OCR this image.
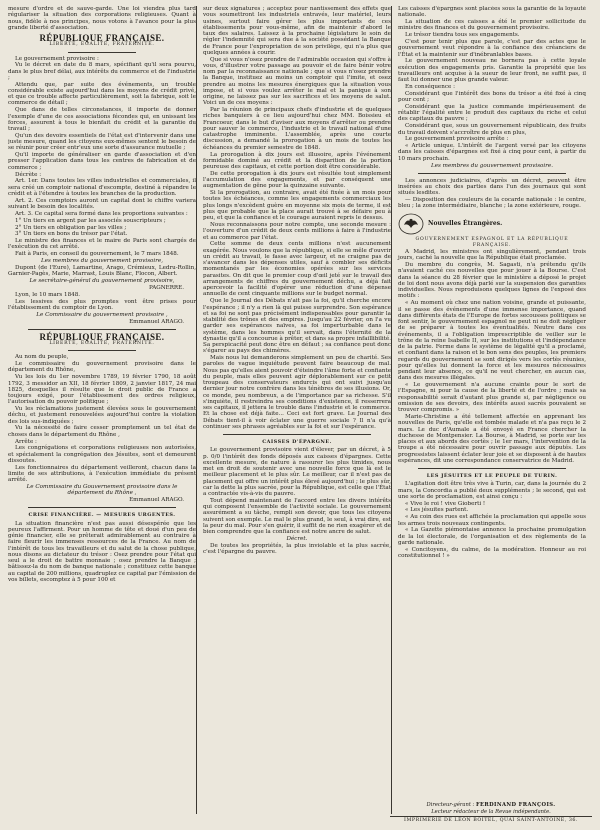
mesure d'ordre et de sauve-garde. Une loi viendra plus tard régulariser la situation des corporations religieuses. Quant à nous, fidèle à nos principes, nous votons à l'avance pour la plus grande liberté d'association.

RÉPUBLIQUE FRANÇAISE.
LIBERTÉ, ÉGALITÉ, FRATERNITÉ.

Le gouvernement provisoire :

Vu le décret en date du 8 mars, spécifiant qu'il sera pourvu, dans le plus bref délai, aux intérêts du commerce et de l'industrie ;

Attendu que, par suite des événements, un trouble considérable existe aujourd'hui dans les moyens de crédit privé, et que ce trouble affecte particulièrement, soit la fabrique, soit le commerce de détail ;

Que dans de telles circonstances, il importe de donner l'exemple d'une de ces associations fécondes qui, en unissant les forces, assurent à tous le bienfait du crédit et la garantie du travail ;

Qu'un des devoirs essentiels de l'état est d'intervenir dans une juste mesure, quand les citoyens eux-mêmes sentent le besoin de se réunir pour créer entr'eux une sorte d'assurance mutuelle ;

Qu'il importe de généraliser en garde d'association et d'en presser l'application dans tous les centres de fabrication et de commerce ;

Décrète :

Art. 1er. Dans toutes les villes industrielles et commerciales, il sera créé un comptoir national d'escompte, destiné à répandre le crédit et à l'étendre à toutes les branches de la production.

Art. 2. Ces comptoirs auront un capital dont le chiffre variera suivant le besoin des localités.

Art. 3. Ce capital sera formé dans les proportions suivantes :

1° Un tiers en argent par les associés souscripteurs ;

2° Un tiers en obligation par les villes ;

3° Un tiers en bons du trésor par l'état.

Le ministre des finances et le maire de Paris sont chargés de l'exécution du cet arrêté.

Fait à Paris, en conseil du gouvernement, le 7 mars 1848.

Les membres du gouvernement provisoire,

Dupont (de l'Eure), Lamartine, Arago, Crémieux, Ledru-Rollin, Garnier-Pagès, Marie, Marrast, Louis Blanc, Flocon, Albert.

Le secrétaire-général du gouvernement provisoire,

PAGNERRE.

Lyon, le 10 mars 1848.

Les lessives des plus promptes vont être prises pour l'établissement du comptoir de Lyon.

Le Commissaire du gouvernement provisoire ,

Emmanuel ARAGO.

RÉPUBLIQUE FRANÇAISE.
LIBERTÉ, ÉGALITÉ, FRATERNITÉ.

Au nom du peuple,

Le commissaire du gouvernement provisoire dans le département du Rhône,

Vu les lois du 1er novembre 1789, 19 février 1790, 18 août 1792, 3 messidor an XII, 18 février 1809, 2 janvier 1817, 24 mai 1825, desquelles il résulte que le droit public de France a toujours exigé, pour l'établissement des ordres religieux, l'autorisation du pouvoir politique ;

Vu les réclamations justement élevées sous le gouvernement déchu, et justement renouvelées aujourd'hui contre la violation des lois sus-indiquées ;

Vu la nécessité de faire cesser promptement un tel état de choses dans le département du Rhône ,

Arrête :

Les congrégations et corporations religieuses non autorisées, et spécialement la congrégation des Jésuites, sont et demeurent dissoutes.

Les fonctionnaires du département veilleront, chacun dans la limite de ses attributions, à l'exécution immédiate du présent arrêté.

Le Commissaire du Gouvernement provisoire dans le département du Rhône ,

Emmanuel ARAGO.

CRISE FINANCIÈRE. — MESURES URGENTES.

La situation financière n'est pas aussi désespérée que les peureux l'affirment. Pour un homme de tête et doué d'un peu de génie financier, elle se prêterait admirablement au contraire à faire fleurir les immenses ressources de la France. Au nom de l'intérêt de tous les travailleurs et du salut de la chose publique, nous disons au dictateur du trésor : Osez prendre pour l'état qui seul a le droit de battre monnaie ; osez prendre la Banque ; bâtissez-la du nom de banque nationale ; constituez cette banque au capital de 200 millions, quadruplez ce capital par l'émission de vos billets, escomptez à 5 pour 100 et

sur deux signatures ; acceptez pour nantissement des effets que vous soumettront les industriels entravés, leur matériel, leurs usines, surtout faire gérer les plus importants de ces établissements pour vous-même, afin de maintenir d'abord le taux des salaires. Laissez à la prochaine législature le soin de régler l'indemnité qui sera due à la société possédant la Banque de France pour l'expropriation de son privilège, qui n'a plus que quelques années à courir.

Que si vous n'osez prendre de l'admirable occasion qui s'offre à vous, d'illustrer votre passage au pouvoir et de faire bénir votre nom par la reconnaissance nationale ; que si vous n'osez prendre la Banque, instituez au moins un comptoir qui l'imite, et osez prendre au moins les mesures énergiques que la situation vous impose, et si vous voulez arrêter le mal et la panique à son origine, ne laissez pas sur les sacrifices et les moyens de salut. Voici un de ces moyens :

Par la réunion de principaux chefs d'industrie et de quelques riches banquiers à ce lieu aujourd'hui chez MM. Boissieu et Francoeur, dans le but d'aviser aux moyens d'arrêter ou prendre pour sauver le commerce, l'industrie et le travail national d'une catastrophe imminente. L'assemblée, après une courte discussion, a demandé la prorogation à un mois de toutes les échéances du premier semestre de 1848.

La prorogation à dix jours est illusoire, après l'événement formidable dominé au crédit et la disparition de la portion peureuse des capitaux, et cette portion doit être considérable.

De cette prorogation à dix jours est résultée tout simplement l'accumulation des engagements, et par conséquent une augmentation de gêne pour la quinzaine suivante.

Si la prorogation, au contraire, avait été fixée à un mois pour toutes les échéances, comme les engagements commerciaux les plus longs n'excèdent guère en moyenne six mois de terme, il est plus que probable que la place aurait trouvé à se défaire peu à peu, et que la confiance et le courage auraient repris le dessus.

Nous reconnaissons pour notre compte, une seconde mesure : l'ouverture d'un crédit de deux cents millions à faire à l'industrie et au commerce par l'état.

Cette somme de deux cents millions n'est aucunement exagérée. Nous voulons que la république, si elle se mêle d'ouvrir un crédit au travail, le fasse avec largeur, et ne craigne pas de s'avancer dans les dépenses utiles, sauf à combler ses déficits momentanés par les économies opérées sur les services parasites. On dit que le premier coup d'œil jeté sur le travail des arrangements de chiffres du gouvernement déchu, a déjà fait apercevoir la facilité d'opérer une réduction d'une dépense annuelle de cent cinquante millions sur le budget normal.

Que le Journal des Débats n'ait pas la foi, qu'il cherche encore l'espérance ; il n'y a rien là qui puisse surprendre. Son espérance et sa foi ne sont pas précisément indispensables pour garantir la stabilité des trônes et des empires. Jusqu'au 22 février, on l'a vu garder ses espérances naïves, sa foi imperturbable dans le système, dans les hommes qu'il servait, dans l'éternité de la dynastie qu'il a concourue à prêter, et dans sa propre infaillibilité. Sa perspicacité peut donc être en défaut ; sa confiance peut donc s'égarer au pays des chimères.

Mais nous lui demanderons simplement un peu de charité. Ses paroles de vague inquiétude peuvent faire beaucoup de mal. Nous pas qu'elles aient pouvoir d'éteindre l'âme forte et confiante du peuple, mais elles peuvent agir déplorablement sur ce petit troupeau des conservateurs endurcis qui ont suivi jusqu'au dernier jour notre confrère dans les ténèbres de ses illusions. Or, ce monde, peu nombreux, a de l'importance par sa richesse. S'il s'inquiète, il restreindra ses conditions d'existence, il resserrera ses capitaux, il jettera le trouble dans l'industrie et le commerce. Et la chose est déjà faite... Ceci est fort grave. Le Journal des Débats tient-il à voir éclater une guerre sociale ? Il n'a qu'à continuer ses phrases agréables sur la foi et sur l'espérance.

CAISSES D'ÉPARGNE.

Le gouvernement provisoire vient d'élever, par un décret, à 5 p. 0/0 l'intérêt des fonds déposés aux caisses d'épargnes. Cette excellente mesure, de nature à rassurer les plus timides, nous met en droit de soutenir avec une nouvelle force que là est le meilleur placement et le plus sûr. Le meilleur, car il n'est pas de placement qui offre un intérêt plus élevé aujourd'hui ; le plus sûr, car la dette la plus sacrée, pour la République, est celle que l'État a contractée vis-à-vis du pauvre.

Tout dépend maintenant de l'accord entre les divers intérêts qui composent l'ensemble de l'activité sociale. Le gouvernement assurément a su tâche, rempli son devoir, que tous les citoyens suivent son exemple. Le mal le plus grand, le seul, à vrai dire, est la peur du mal. Pour s'en guérir, il suffit de ne rien exagérer et de bien comprendre que la confiance est notre ancre de salut.

Décret.

De toutes les propriétés, la plus inviolable et la plus sacrée, c'est l'épargne du pauvre.

Les caisses d'épargnes sont placées sous la garantie de la loyauté nationale.

La situation de ces caisses a été le premier sollicitude du ministre des finances et du gouvernement provisoire.

Le trésor tiendra tous ses engagements.

C'est pour tenir plus que parole, c'est par des actes que le gouvernement veut répondre à la confiance des créanciers de l'État et la maintenir sur d'inébranlables bases.

Le gouvernement nouveau ne bornera pas à cette loyale exécution des engagements pris. Garantie la propriété que les travailleurs ont acquise à la sueur de leur front, ne suffit pas, il faut lui donner une plus grande valeur.

En conséquence :

Considérant que l'intérêt des bons du trésor a été fixé à cinq pour cent ;

Considérant que la justice commande impérieusement de rétablir l'égalité entre le produit des capitaux du riche et celui des capitaux du pauvre ;

Considérant que, sous un gouvernement républicain, des fruits du travail doivent s'accroître de plus en plus,

Le gouvernement provisoire arrête :

« Article unique. L'intérêt de l'argent versé par les citoyens dans les caisses d'épargnes est fixé à cinq pour cent, à partir du 10 mars prochain.

Les membres du gouvernement provisoire.

Les annonces judiciaires, d'après un décret, peuvent être insérées au choix des parties dans l'un des journaux qui sont situés lesdites.

— Disposition des couleurs de la cocarde nationale : le centre, bleu ; la zone intermédiaire, blanche ; la zone extérieure, rouge.

Nouvelles Étrangères.
GOUVERNEMENT ESPAGNOL ET LA RÉPUBLIQUE FRANÇAISE.

A Madrid, les ministres ont singulièrement, pendant trois jours, caché la nouvelle que la République était proclamée.

Du membre du congrès, M. Sagasti, n'a prétendu qu'ils n'avaient caché ces nouvelles que pour jouer à la Bourse. C'est dans la séance du 28 février que le ministère a déposé le projet de loi dont nous avons déjà parlé sur la suspension des garanties individuelles. Nous reproduisons quelques lignes de l'exposé des motifs :

« Au moment où chez une nation voisine, grande et puissante, il se passe des événements d'une immense importance, quand dans différents états de l'Europe de fortes secousses politiques se font sentir, le gouvernement espagnol ne peut ni ne doit négliger de se préparer à toutes les éventualités. Neutre dans ces événements, il a l'obligation imprescriptible de veiller sur le trône de la reine Isabelle II, sur les institutions et l'indépendance de la patrie. Ferme dans le système de légalité qu'il a proclamé, et confiant dans la raison et le bon sens des peuples, les premiers regards du gouvernement se sont dirigés vers les cortès réunies, pour qu'elles lui donnent la force et les mesures nécessaires pendant leur absence, ce qu'il ne veut chercher, en aucun cas, dans des mesures illégales.

« Le gouvernement n'a aucune crainte pour le sort de l'Espagne, ni pour la cause de la liberté et de l'ordre ; mais sa responsabilité serait d'autant plus grande si, par négligence ou omission de ses devoirs, des intérêts aussi sacrés pouvaient se trouver compromis. »

Marie-Christine a été tellement affectée en apprenant les nouvelles de Paris, qu'elle est tombée malade et n'a pas reçu le 2 mars. Le duc d'Aumale a été envoyé en France chercher la duchesse de Montpensier. La Bourse, à Madrid, se porte sur les places et aux abords des cortès ; le 1er mars, l'intervention de la troupe a été nécessaire pour ouvrir passage aux députés. Les progressistes laissent éclater leur joie et se disposent à de hautes espérances, dit une correspondance conservatrice de Madrid.

LES JÉSUITES ET LE PEUPLE DE TURIN.

L'agitation doit être très vive à Turin, car, dans la journée du 2 mars, la Concordia a publié deux suppléments ; le second, qui est une sorte de proclamation, est ainsi conçu :

« Vive le roi ! vive Gioberti !

« Les jésuites partent.

« Au coin des rues est affichée la proclamation qui appelle sous les armes trois nouveaux contingents.

« La Gazette piémontaise annonce la prochaine promulgation de la loi électorale, de l'organisation et des règlements de la garde nationale.

« Concitoyens, du calme, de la modération. Honneur au roi constitutionnel ! »

Directeur-gérant : FERDINAND FRANÇOIS.
Lecteur rédacteur de la Revue indépendante.
IMPRIMERIE DE LÉON BOITEL, QUAI SAINT-ANTOINE, 36.
